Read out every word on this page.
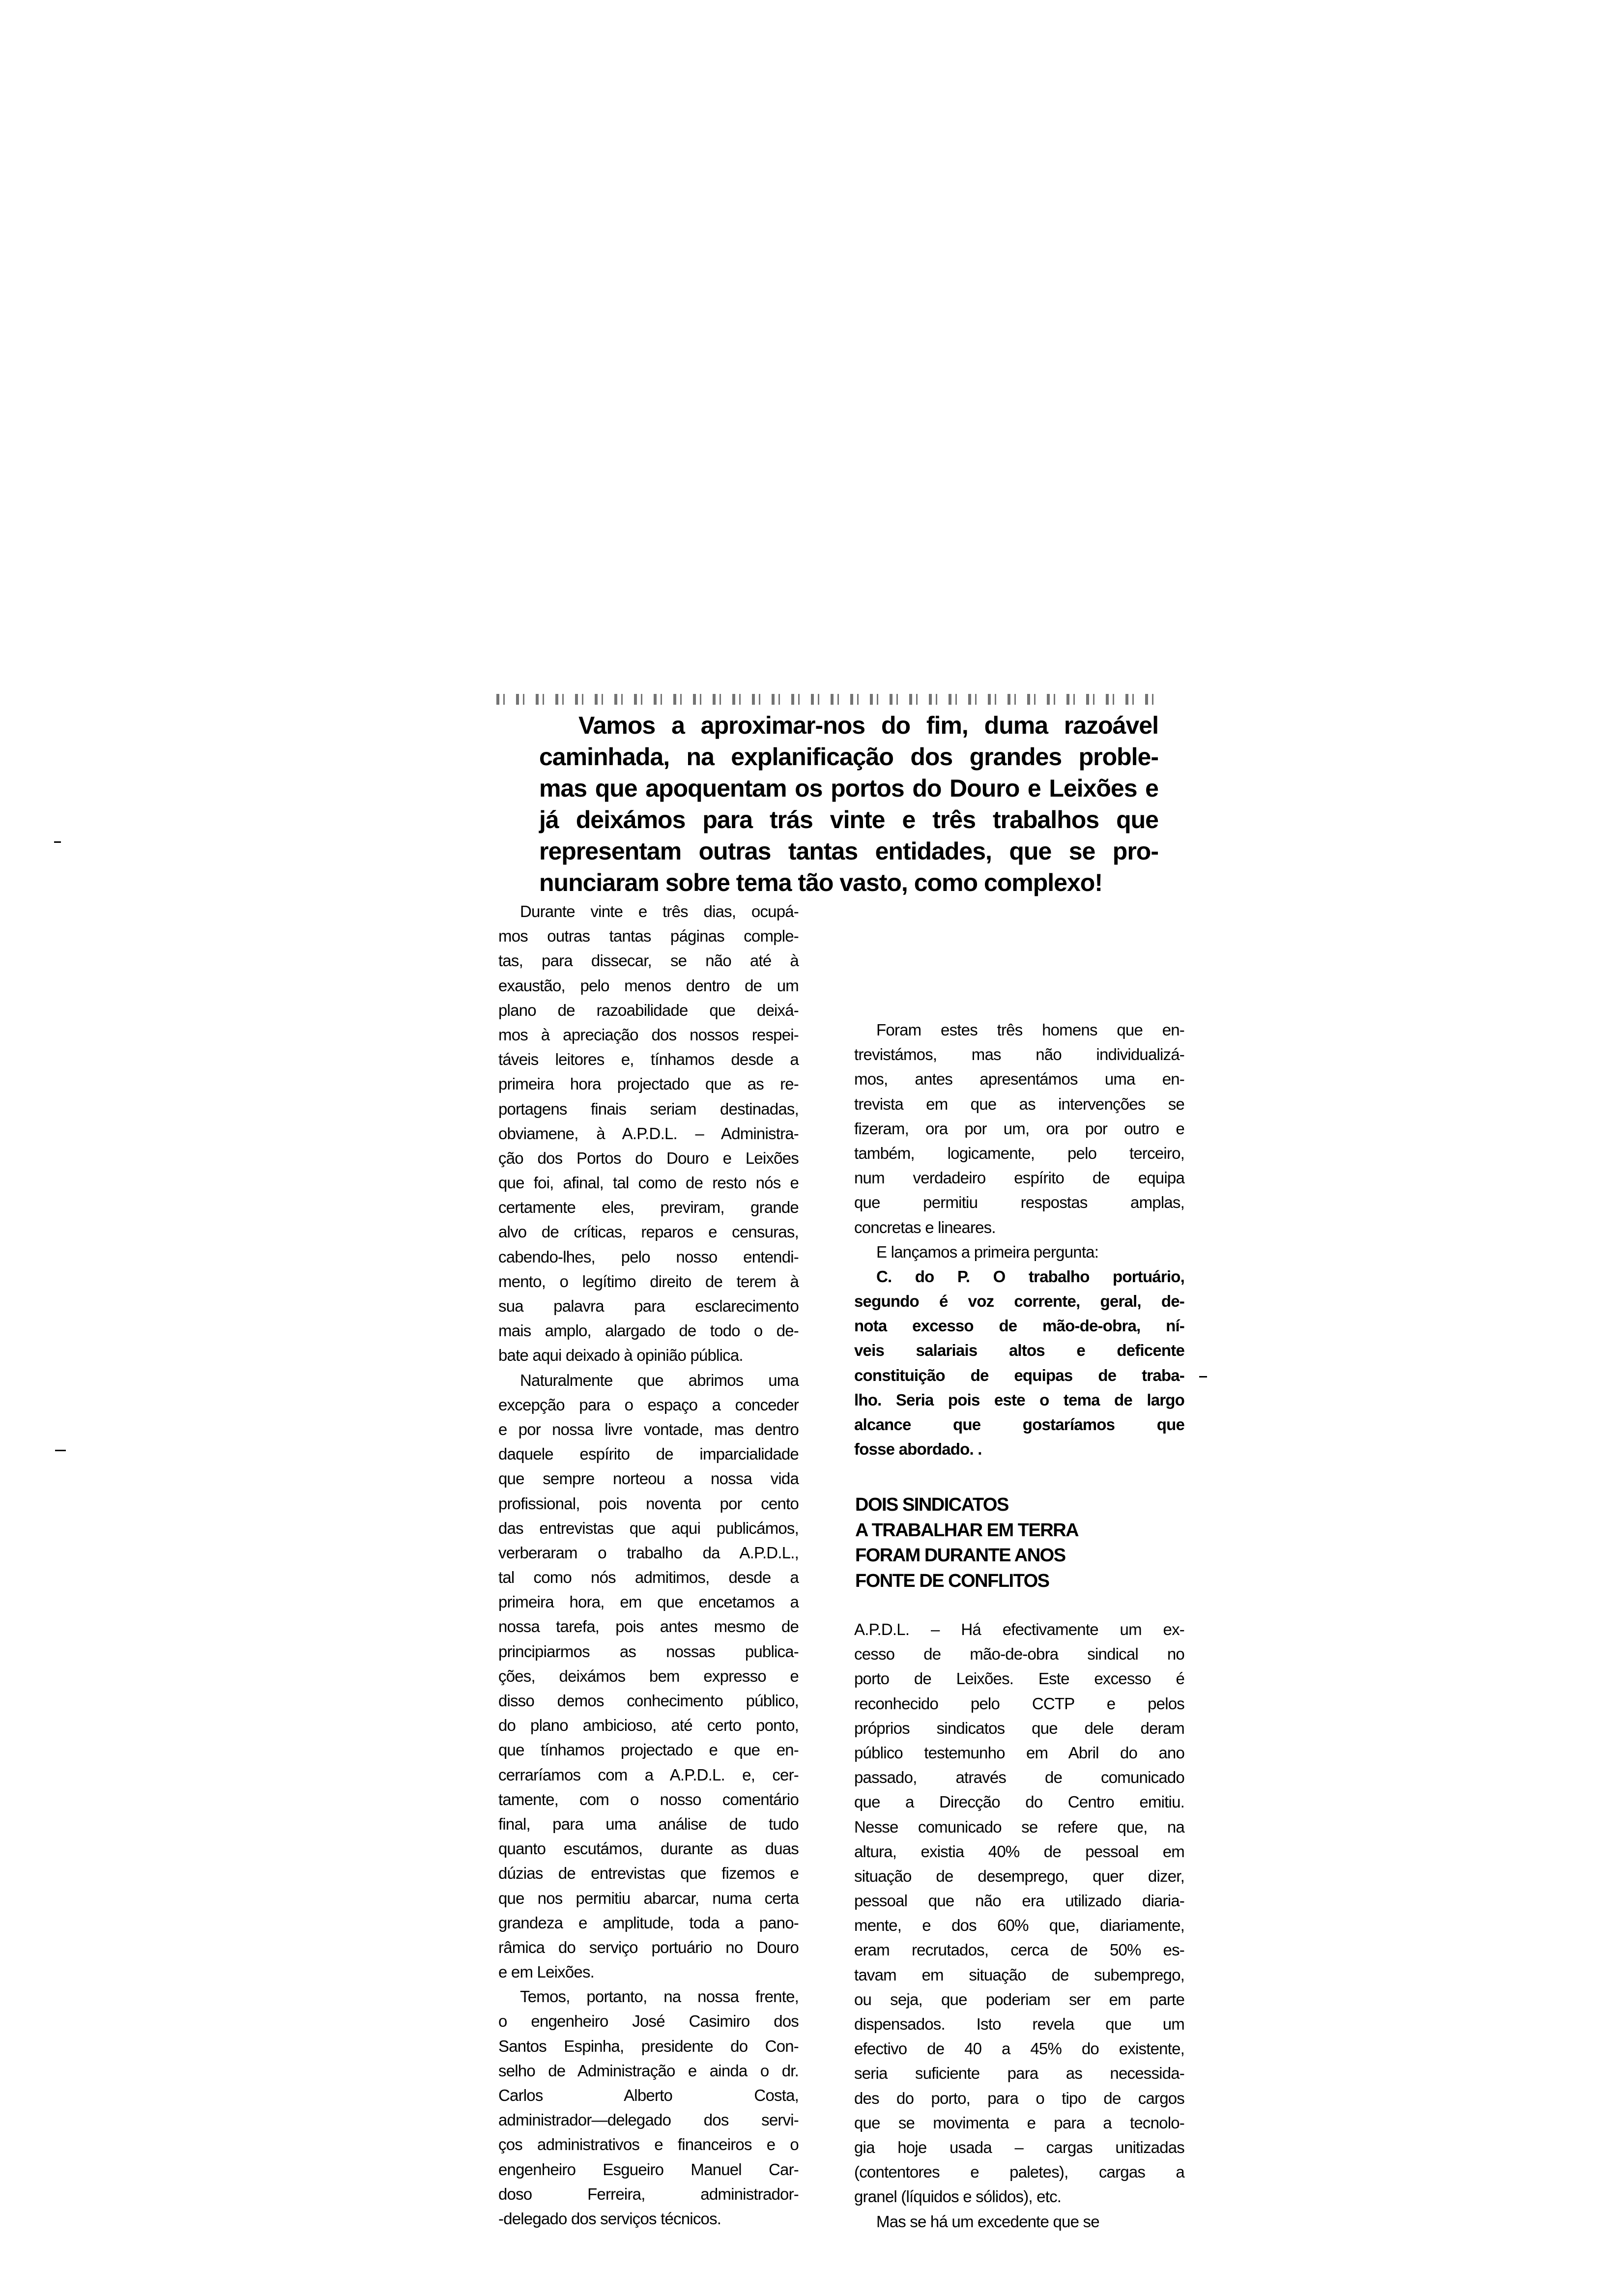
Vamos a aproximar-nos do fim, duma razoável
caminhada, na explanificação dos grandes proble-
mas que apoquentam os portos do Douro e Leixões e
já deixámos para trás vinte e três trabalhos que
representam outras tantas entidades, que se pro-
nunciaram sobre tema tão vasto, como complexo!
Durante vinte e três dias, ocupá-
mos outras tantas páginas comple-
tas, para dissecar, se não até à
exaustão, pelo menos dentro de um
plano de razoabilidade que deixá-
mos à apreciação dos nossos respei-
táveis leitores e, tínhamos desde a
primeira hora projectado que as re-
portagens finais seriam destinadas,
obviamene, à A.P.D.L. – Administra-
ção dos Portos do Douro e Leixões
que foi, afinal, tal como de resto nós e
certamente eles, previram, grande
alvo de críticas, reparos e censuras,
cabendo-lhes, pelo nosso entendi-
mento, o legítimo direito de terem à
sua palavra para esclarecimento
mais amplo, alargado de todo o de-
bate aqui deixado à opinião pública.
Naturalmente que abrimos uma
excepção para o espaço a conceder
e por nossa livre vontade, mas dentro
daquele espírito de imparcialidade
que sempre norteou a nossa vida
profissional, pois noventa por cento
das entrevistas que aqui publicámos,
verberaram o trabalho da A.P.D.L.,
tal como nós admitimos, desde a
primeira hora, em que encetamos a
nossa tarefa, pois antes mesmo de
principiarmos as nossas publica-
ções, deixámos bem expresso e
disso demos conhecimento público,
do plano ambicioso, até certo ponto,
que tínhamos projectado e que en-
cerraríamos com a A.P.D.L. e, cer-
tamente, com o nosso comentário
final, para uma análise de tudo
quanto escutámos, durante as duas
dúzias de entrevistas que fizemos e
que nos permitiu abarcar, numa certa
grandeza e amplitude, toda a pano-
râmica do serviço portuário no Douro
e em Leixões.
Temos, portanto, na nossa frente,
o engenheiro José Casimiro dos
Santos Espinha, presidente do Con-
selho de Administração e ainda o dr.
Carlos Alberto Costa,
administrador—delegado dos servi-
ços administrativos e financeiros e o
engenheiro Esgueiro Manuel Car-
doso Ferreira, administrador-
-delegado dos serviços técnicos.
Foram estes três homens que en-
trevistámos, mas não individualizá-
mos, antes apresentámos uma en-
trevista em que as intervenções se
fizeram, ora por um, ora por outro e
também, logicamente, pelo terceiro,
num verdadeiro espírito de equipa
que permitiu respostas amplas,
concretas e lineares.
E lançamos a primeira pergunta:
C. do P. O trabalho portuário,
segundo é voz corrente, geral, de-
nota excesso de mão-de-obra, ní-
veis salariais altos e deficente
constituição de equipas de traba-
lho. Seria pois este o tema de largo
alcance que gostaríamos que
fosse abordado. .
DOIS SINDICATOS
A TRABALHAR EM TERRA
FORAM DURANTE ANOS
FONTE DE CONFLITOS
A.P.D.L. – Há efectivamente um ex-
cesso de mão-de-obra sindical no
porto de Leixões. Este excesso é
reconhecido pelo CCTP e pelos
próprios sindicatos que dele deram
público testemunho em Abril do ano
passado, através de comunicado
que a Direcção do Centro emitiu.
Nesse comunicado se refere que, na
altura, existia 40% de pessoal em
situação de desemprego, quer dizer,
pessoal que não era utilizado diaria-
mente, e dos 60% que, diariamente,
eram recrutados, cerca de 50% es-
tavam em situação de subemprego,
ou seja, que poderiam ser em parte
dispensados. Isto revela que um
efectivo de 40 a 45% do existente,
seria suficiente para as necessida-
des do porto, para o tipo de cargos
que se movimenta e para a tecnolo-
gia hoje usada – cargas unitizadas
(contentores e paletes), cargas a
granel (líquidos e sólidos), etc.
Mas se há um excedente que se
